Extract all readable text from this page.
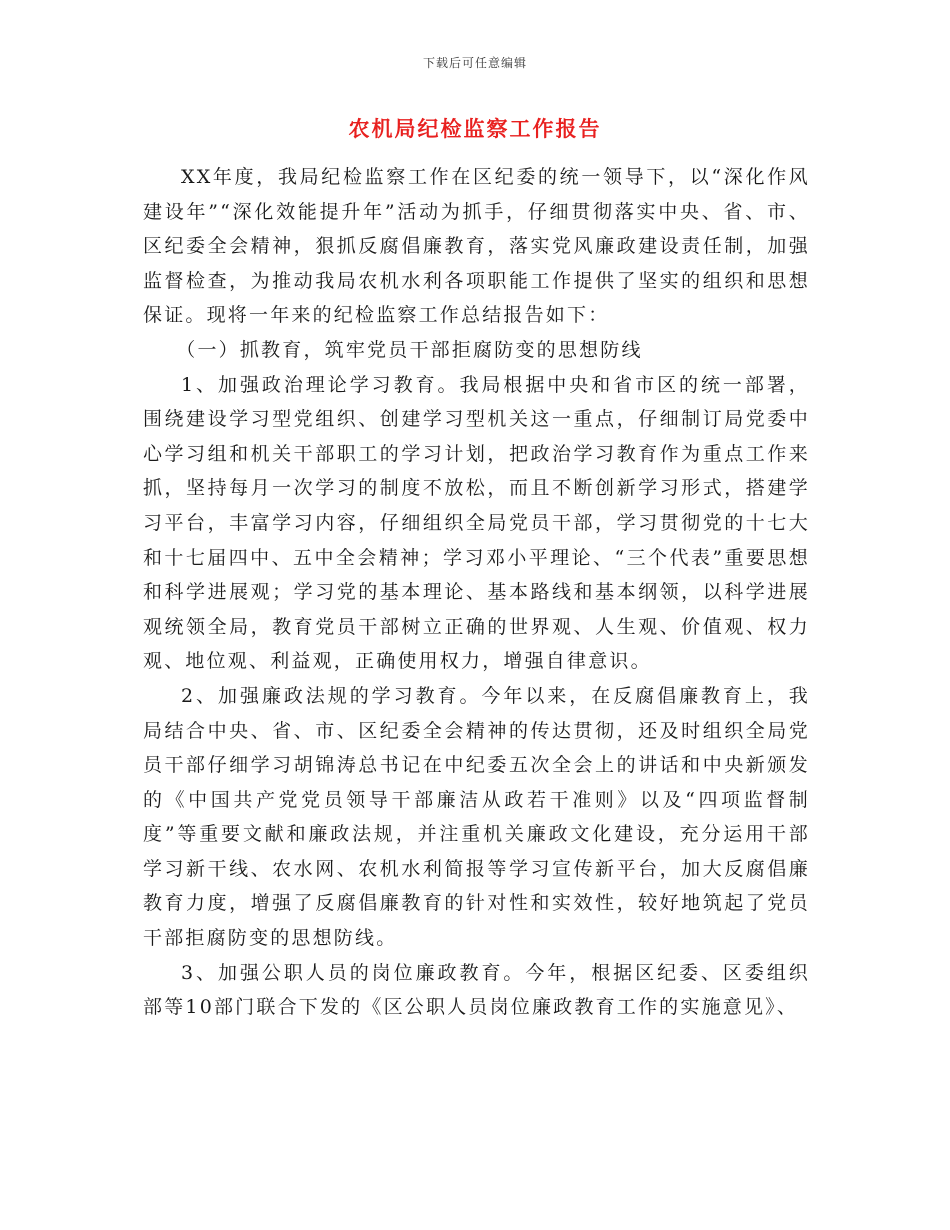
下载后可任意编辑
农机局纪检监察工作报告

XX年度，我局纪检监察工作在区纪委的统一领导下，以“深化作风建设年”“深化效能提升年”活动为抓手，仔细贯彻落实中央、省、市、区纪委全会精神，狠抓反腐倡廉教育，落实党风廉政建设责任制，加强监督检查，为推动我局农机水利各项职能工作提供了坚实的组织和思想保证。现将一年来的纪检监察工作总结报告如下：

（一）抓教育，筑牢党员干部拒腐防变的思想防线

1、加强政治理论学习教育。我局根据中央和省市区的统一部署，围绕建设学习型党组织、创建学习型机关这一重点，仔细制订局党委中心学习组和机关干部职工的学习计划，把政治学习教育作为重点工作来抓，坚持每月一次学习的制度不放松，而且不断创新学习形式，搭建学习平台，丰富学习内容，仔细组织全局党员干部，学习贯彻党的十七大和十七届四中、五中全会精神；学习邓小平理论、“三个代表”重要思想和科学进展观；学习党的基本理论、基本路线和基本纲领，以科学进展观统领全局，教育党员干部树立正确的世界观、人生观、价值观、权力观、地位观、利益观，正确使用权力，增强自律意识。

2、加强廉政法规的学习教育。今年以来，在反腐倡廉教育上，我局结合中央、省、市、区纪委全会精神的传达贯彻，还及时组织全局党员干部仔细学习胡锦涛总书记在中纪委五次全会上的讲话和中央新颁发的《中国共产党党员领导干部廉洁从政若干准则》以及“四项监督制度”等重要文献和廉政法规，并注重机关廉政文化建设，充分运用干部学习新干线、农水网、农机水利简报等学习宣传新平台，加大反腐倡廉教育力度，增强了反腐倡廉教育的针对性和实效性，较好地筑起了党员干部拒腐防变的思想防线。

3、加强公职人员的岗位廉政教育。今年，根据区纪委、区委组织部等10部门联合下发的《区公职人员岗位廉政教育工作的实施意见》、
